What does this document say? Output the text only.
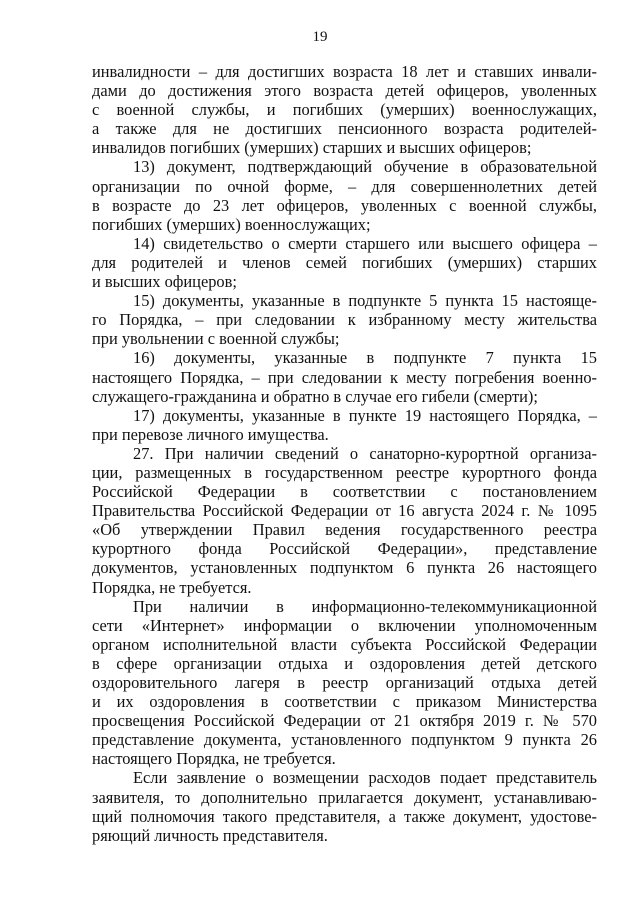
19
инвалидности – для достигших возраста 18 лет и ставших инвали-
дами до достижения этого возраста детей офицеров, уволенных
с военной службы, и погибших (умерших) военнослужащих,
а также для не достигших пенсионного возраста родителей-
инвалидов погибших (умерших) старших и высших офицеров;
13) документ, подтверждающий обучение в образовательной
организации по очной форме, – для совершеннолетних детей
в возрасте до 23 лет офицеров, уволенных с военной службы,
погибших (умерших) военнослужащих;
14) свидетельство о смерти старшего или высшего офицера –
для родителей и членов семей погибших (умерших) старших
и высших офицеров;
15) документы, указанные в подпункте 5 пункта 15 настояще-
го Порядка, – при следовании к избранному месту жительства
при увольнении с военной службы;
16) документы, указанные в подпункте 7 пункта 15
настоящего Порядка, – при следовании к месту погребения военно-
служащего-гражданина и обратно в случае его гибели (смерти);
17) документы, указанные в пункте 19 настоящего Порядка, –
при перевозе личного имущества.
27. При наличии сведений о санаторно-курортной организа-
ции, размещенных в государственном реестре курортного фонда
Российской Федерации в соответствии с постановлением
Правительства Российской Федерации от 16 августа 2024 г. № 1095
«Об утверждении Правил ведения государственного реестра
курортного фонда Российской Федерации», представление
документов, установленных подпунктом 6 пункта 26 настоящего
Порядка, не требуется.
При наличии в информационно-телекоммуникационной
сети «Интернет» информации о включении уполномоченным
органом исполнительной власти субъекта Российской Федерации
в сфере организации отдыха и оздоровления детей детского
оздоровительного лагеря в реестр организаций отдыха детей
и их оздоровления в соответствии с приказом Министерства
просвещения Российской Федерации от 21 октября 2019 г. № 570
представление документа, установленного подпунктом 9 пункта 26
настоящего Порядка, не требуется.
Если заявление о возмещении расходов подает представитель
заявителя, то дополнительно прилагается документ, устанавливаю-
щий полномочия такого представителя, а также документ, удостове-
ряющий личность представителя.
